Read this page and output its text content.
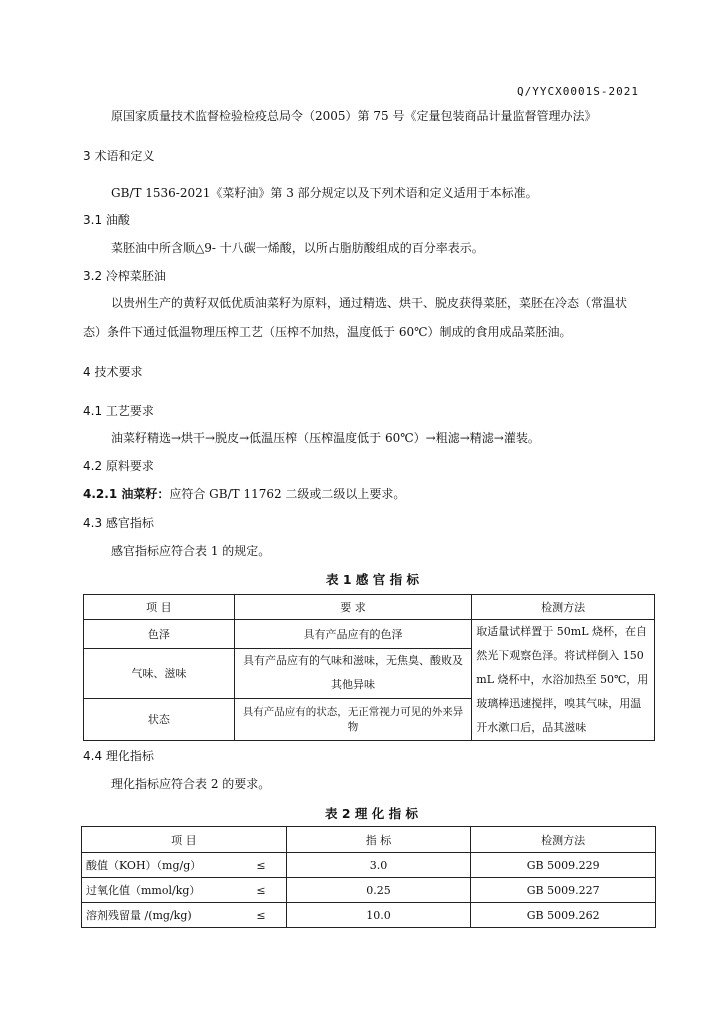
Q/YYCX0001S-2021
原国家质量技术监督检验检疫总局令（2005）第 75 号《定量包装商品计量监督管理办法》
3 术语和定义
GB/T 1536-2021《菜籽油》第 3 部分规定以及下列术语和定义适用于本标准。
3.1 油酸
菜胚油中所含顺△9- 十八碳一烯酸，以所占脂肪酸组成的百分率表示。
3.2 冷榨菜胚油
以贵州生产的黄籽双低优质油菜籽为原料，通过精选、烘干、脱皮获得菜胚，菜胚在冷态（常温状态）条件下通过低温物理压榨工艺（压榨不加热，温度低于 60℃）制成的食用成品菜胚油。
4 技术要求
4.1 工艺要求
油菜籽精选→烘干→脱皮→低温压榨（压榨温度低于 60℃）→粗滤→精滤→灌装。
4.2 原料要求
4.2.1 油菜籽：应符合 GB/T 11762 二级或二级以上要求。
4.3 感官指标
感官指标应符合表 1 的规定。
表 1 感 官 指 标
项 目	要 求	检测方法
色泽	具有产品应有的色泽	取适量试样置于 50mL 烧杯，在自然光下观察色泽。将试样倒入 150 mL 烧杯中，水浴加热至 50℃，用玻璃棒迅速搅拌，嗅其气味，用温开水漱口后，品其滋味
气味、滋味	具有产品应有的气味和滋味，无焦臭、酸败及其他异味	
状态	具有产品应有的状态，无正常视力可见的外来异物	
4.4 理化指标
理化指标应符合表 2 的要求。
表 2 理 化 指 标
项 目		指 标	检测方法
酸值（KOH）（mg/g）	≤	3.0	GB 5009.229
过氧化值（mmol/kg）	≤	0.25	GB 5009.227
溶剂残留量 /(mg/kg)	≤	10.0	GB 5009.262
